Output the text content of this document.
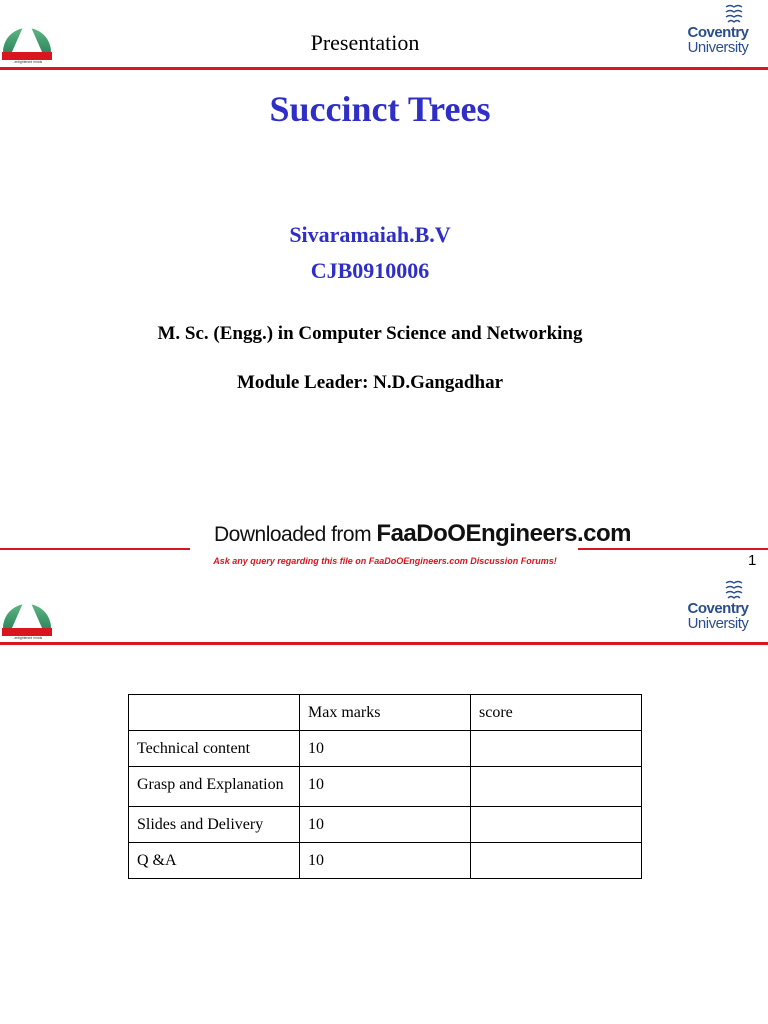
...enlightened minds
Presentation	Coventry
University
Succinct Trees
Sivaramaiah.B.V
CJB0910006
M. Sc. (Engg.) in Computer Science and Networking
Module Leader: N.D.Gangadhar
Downloaded from FaaDoOEngineers.com
Ask any query regarding this file on FaaDoOEngineers.com Discussion Forums!	1
...enlightened minds
Coventry
University
	Max marks	score
Technical content	10	
Grasp and Explanation	10	
Slides and Delivery	10	
Q &A	10	
